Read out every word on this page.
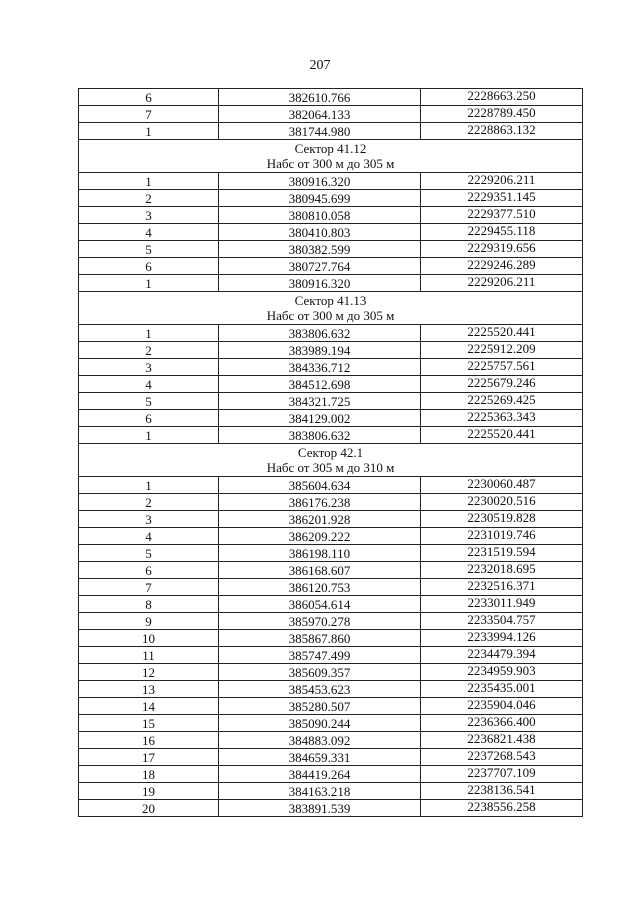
207
6	382610.766	2228663.250
7	382064.133	2228789.450
1	381744.980	2228863.132

Сектор 41.12
Набс от 300 м до 305 м		

1	380916.320	2229206.211
2	380945.699	2229351.145
3	380810.058	2229377.510
4	380410.803	2229455.118
5	380382.599	2229319.656
6	380727.764	2229246.289
1	380916.320	2229206.211

Сектор 41.13
Набс от 300 м до 305 м		

1	383806.632	2225520.441
2	383989.194	2225912.209
3	384336.712	2225757.561
4	384512.698	2225679.246
5	384321.725	2225269.425
6	384129.002	2225363.343
1	383806.632	2225520.441

Сектор 42.1
Набс от 305 м до 310 м		

1	385604.634	2230060.487
2	386176.238	2230020.516
3	386201.928	2230519.828
4	386209.222	2231019.746
5	386198.110	2231519.594
6	386168.607	2232018.695
7	386120.753	2232516.371
8	386054.614	2233011.949
9	385970.278	2233504.757
10	385867.860	2233994.126
11	385747.499	2234479.394
12	385609.357	2234959.903
13	385453.623	2235435.001
14	385280.507	2235904.046
15	385090.244	2236366.400
16	384883.092	2236821.438
17	384659.331	2237268.543
18	384419.264	2237707.109
19	384163.218	2238136.541
20	383891.539	2238556.258
